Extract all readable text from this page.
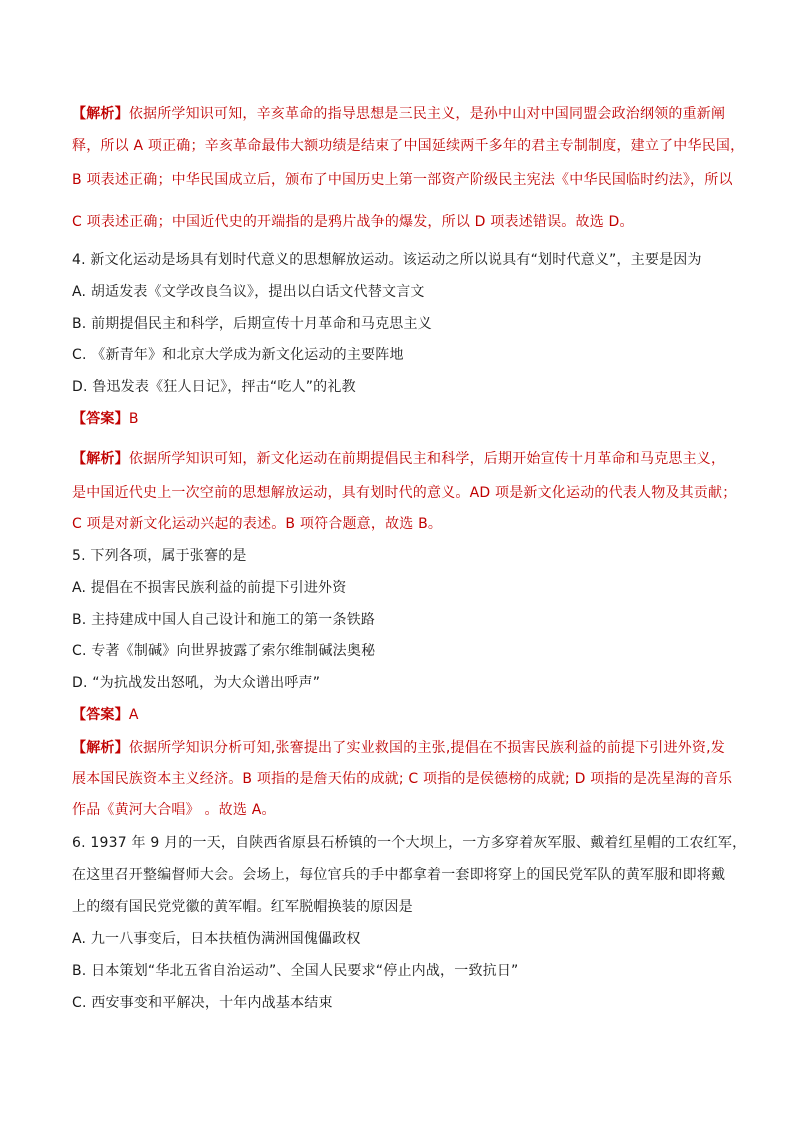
【解析】依据所学知识可知，辛亥革命的指导思想是三民主义，是孙中山对中国同盟会政治纲领的重新阐
释，所以 A 项正确；辛亥革命最伟大额功绩是结束了中国延续两千多年的君主专制制度，建立了中华民国，
B 项表述正确；中华民国成立后，颁布了中国历史上第一部资产阶级民主宪法《中华民国临时约法》，所以
C 项表述正确；中国近代史的开端指的是鸦片战争的爆发，所以 D 项表述错误。故选 D。
4. 新文化运动是场具有划时代意义的思想解放运动。该运动之所以说具有“划时代意义”，主要是因为
A. 胡适发表《文学改良刍议》，提出以白话文代替文言文
B. 前期提倡民主和科学，后期宣传十月革命和马克思主义
C. 《新青年》和北京大学成为新文化运动的主要阵地
D. 鲁迅发表《狂人日记》，抨击“吃人”的礼教
【答案】B
【解析】依据所学知识可知，新文化运动在前期提倡民主和科学，后期开始宣传十月革命和马克思主义，
是中国近代史上一次空前的思想解放运动，具有划时代的意义。AD 项是新文化运动的代表人物及其贡献；
C 项是对新文化运动兴起的表述。B 项符合题意，故选 B。
5. 下列各项，属于张謇的是
A. 提倡在不损害民族利益的前提下引进外资
B. 主持建成中国人自己设计和施工的第一条铁路
C. 专著《制碱》向世界披露了索尔维制碱法奥秘
D. “为抗战发出怒吼，为大众谱出呼声”
【答案】A
【解析】依据所学知识分析可知,张謇提出了实业救国的主张,提倡在不损害民族利益的前提下引进外资,发
展本国民族资本主义经济。B 项指的是詹天佑的成就; C 项指的是侯德榜的成就; D 项指的是冼星海的音乐
作品《黄河大合唱》 。故选 A。
6. 1937 年 9 月的一天，自陕西省原县石桥镇的一个大坝上，一方多穿着灰军服、戴着红星帽的工农红军，
在这里召开整编督师大会。会场上，每位官兵的手中都拿着一套即将穿上的国民党军队的黄军服和即将戴
上的缀有国民党党徽的黄军帽。红军脱帽换装的原因是
A. 九一八事变后，日本扶植伪满洲国傀儡政权
B. 日本策划“华北五省自治运动”、全国人民要求“停止内战，一致抗日”
C. 西安事变和平解决，十年内战基本结束
